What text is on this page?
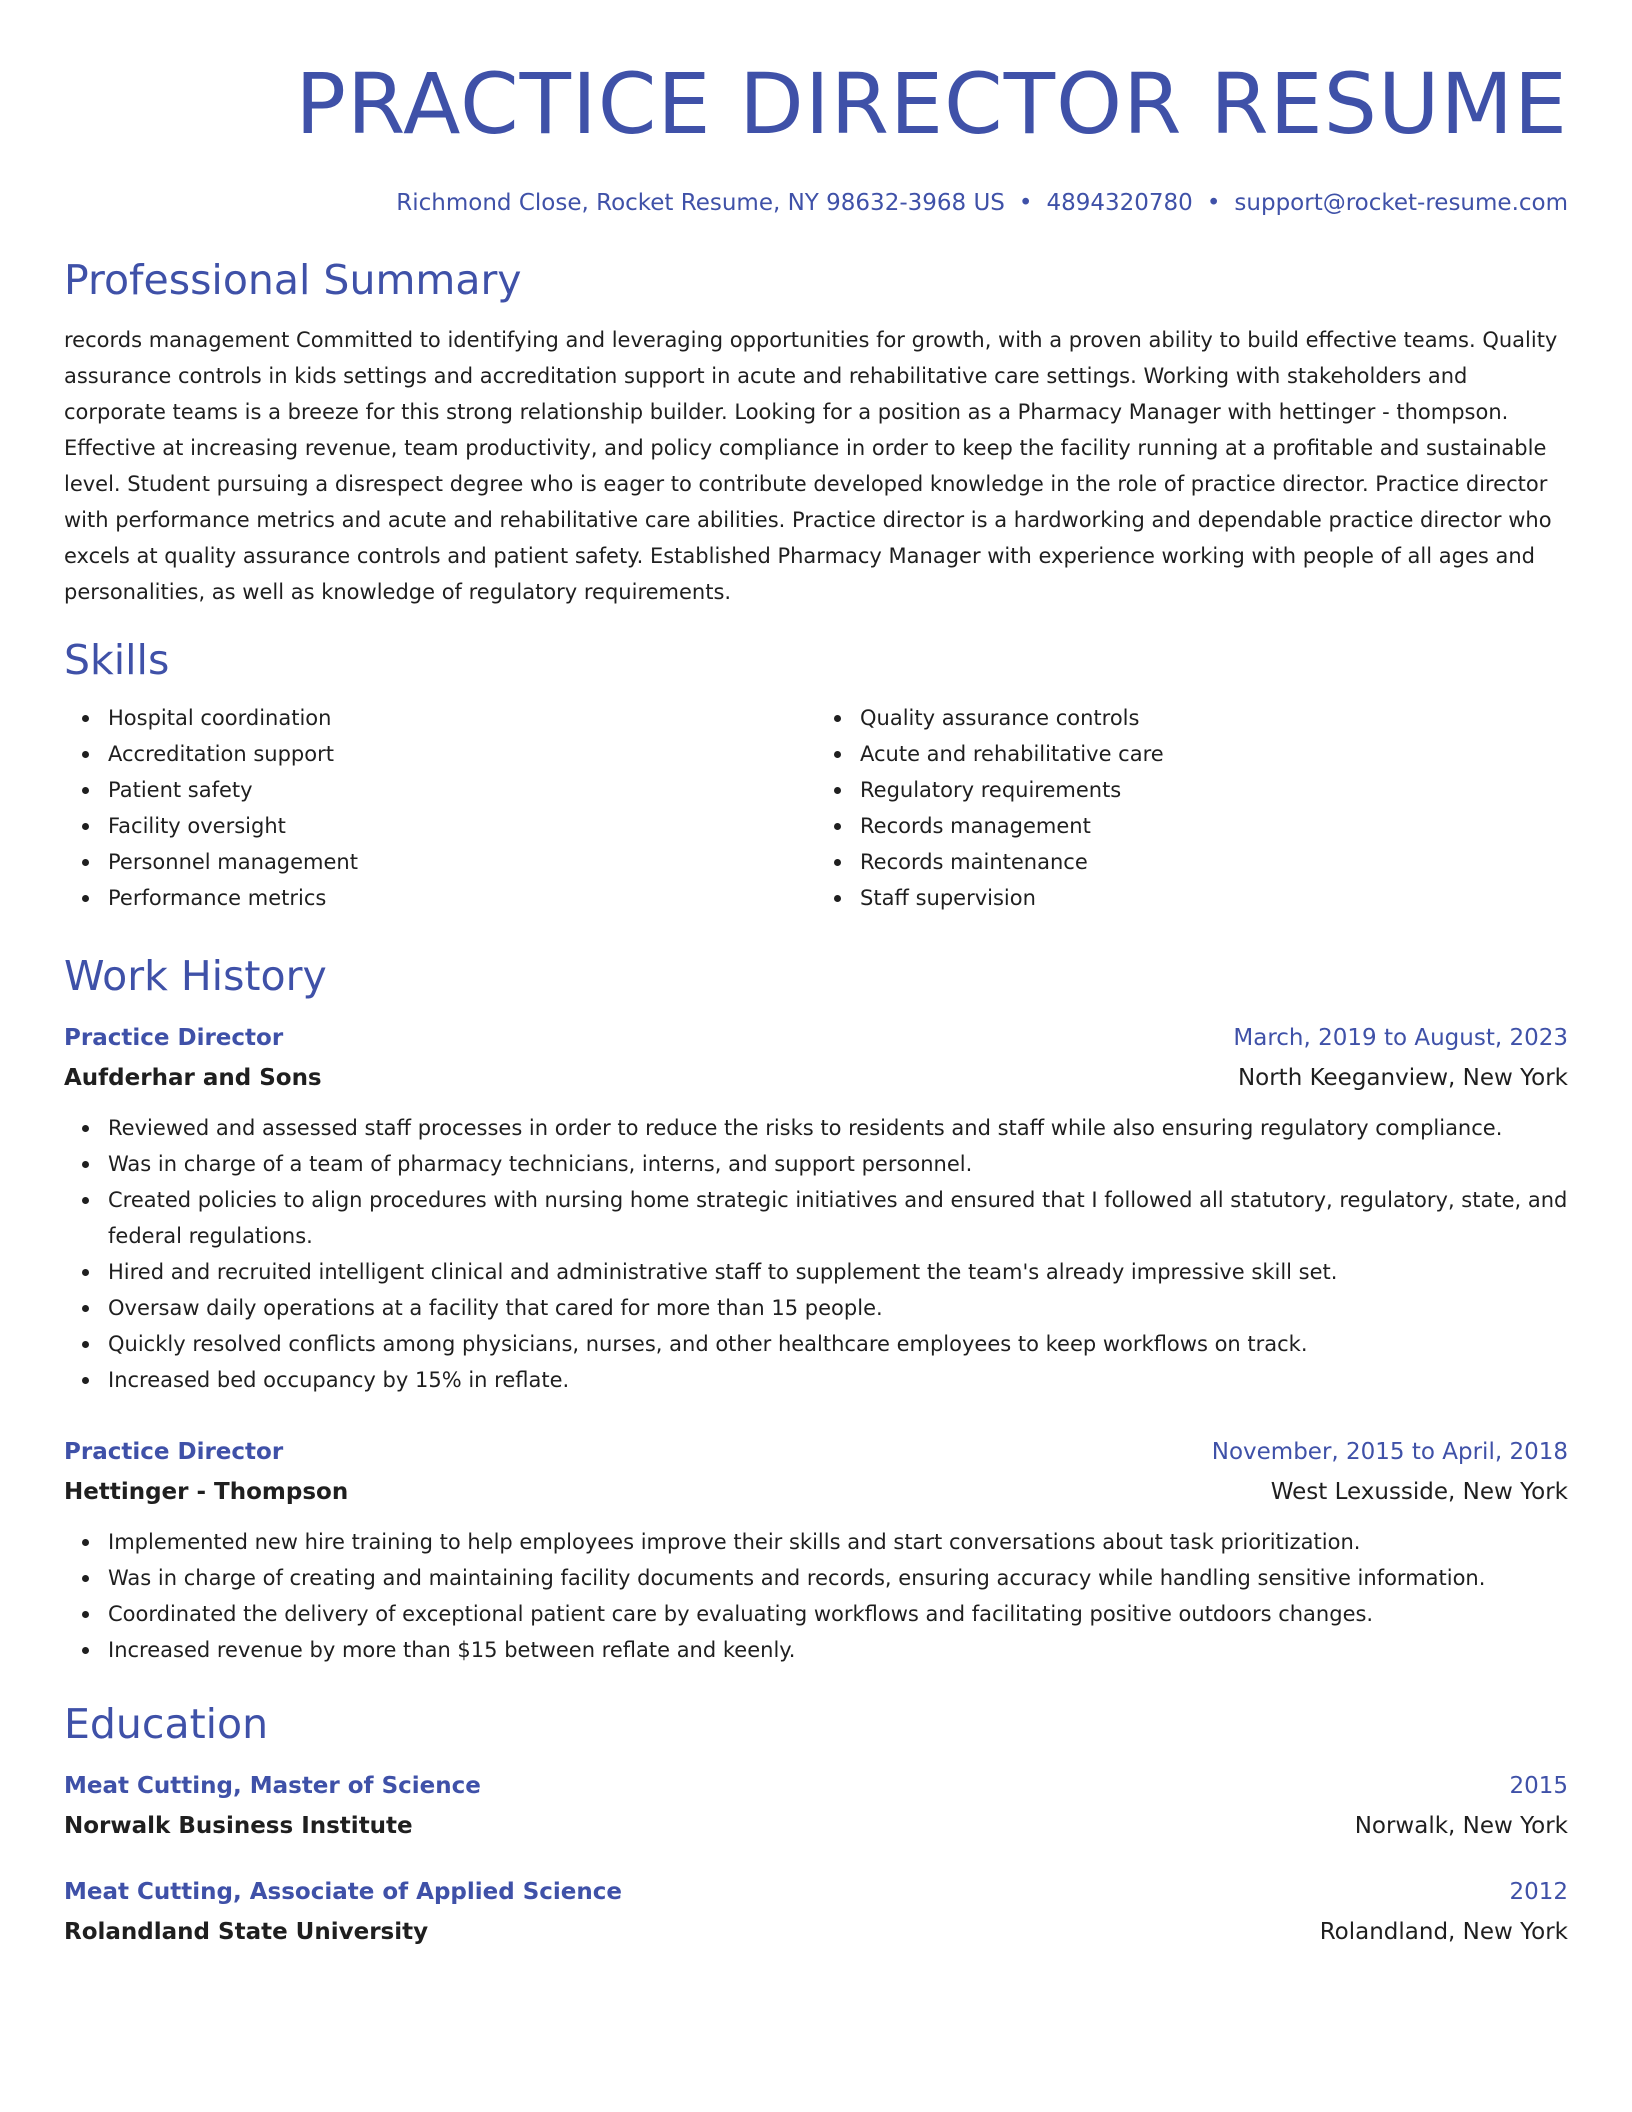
PRACTICE DIRECTOR RESUME
Richmond Close, Rocket Resume, NY 98632-3968 US • 4894320780 • support@rocket-resume.com
Professional Summary
records management Committed to identifying and leveraging opportunities for growth, with a proven ability to build effective teams. Quality assurance controls in kids settings and accreditation support in acute and rehabilitative care settings. Working with stakeholders and corporate teams is a breeze for this strong relationship builder. Looking for a position as a Pharmacy Manager with hettinger - thompson. Effective at increasing revenue, team productivity, and policy compliance in order to keep the facility running at a profitable and sustainable level. Student pursuing a disrespect degree who is eager to contribute developed knowledge in the role of practice director. Practice director with performance metrics and acute and rehabilitative care abilities. Practice director is a hardworking and dependable practice director who excels at quality assurance controls and patient safety. Established Pharmacy Manager with experience working with people of all ages and personalities, as well as knowledge of regulatory requirements.
Skills
Hospital coordination
Accreditation support
Patient safety
Facility oversight
Personnel management
Performance metrics
Quality assurance controls
Acute and rehabilitative care
Regulatory requirements
Records management
Records maintenance
Staff supervision
Work History
Practice Director	March, 2019 to August, 2023
Aufderhar and Sons	North Keeganview, New York
Reviewed and assessed staff processes in order to reduce the risks to residents and staff while also ensuring regulatory compliance.
Was in charge of a team of pharmacy technicians, interns, and support personnel.
Created policies to align procedures with nursing home strategic initiatives and ensured that I followed all statutory, regulatory, state, and federal regulations.
Hired and recruited intelligent clinical and administrative staff to supplement the team's already impressive skill set.
Oversaw daily operations at a facility that cared for more than 15 people.
Quickly resolved conflicts among physicians, nurses, and other healthcare employees to keep workflows on track.
Increased bed occupancy by 15% in reflate.
Practice Director	November, 2015 to April, 2018
Hettinger - Thompson	West Lexusside, New York
Implemented new hire training to help employees improve their skills and start conversations about task prioritization.
Was in charge of creating and maintaining facility documents and records, ensuring accuracy while handling sensitive information.
Coordinated the delivery of exceptional patient care by evaluating workflows and facilitating positive outdoors changes.
Increased revenue by more than $15 between reflate and keenly.
Education
Meat Cutting, Master of Science	2015
Norwalk Business Institute	Norwalk, New York
Meat Cutting, Associate of Applied Science	2012
Rolandland State University	Rolandland, New York
